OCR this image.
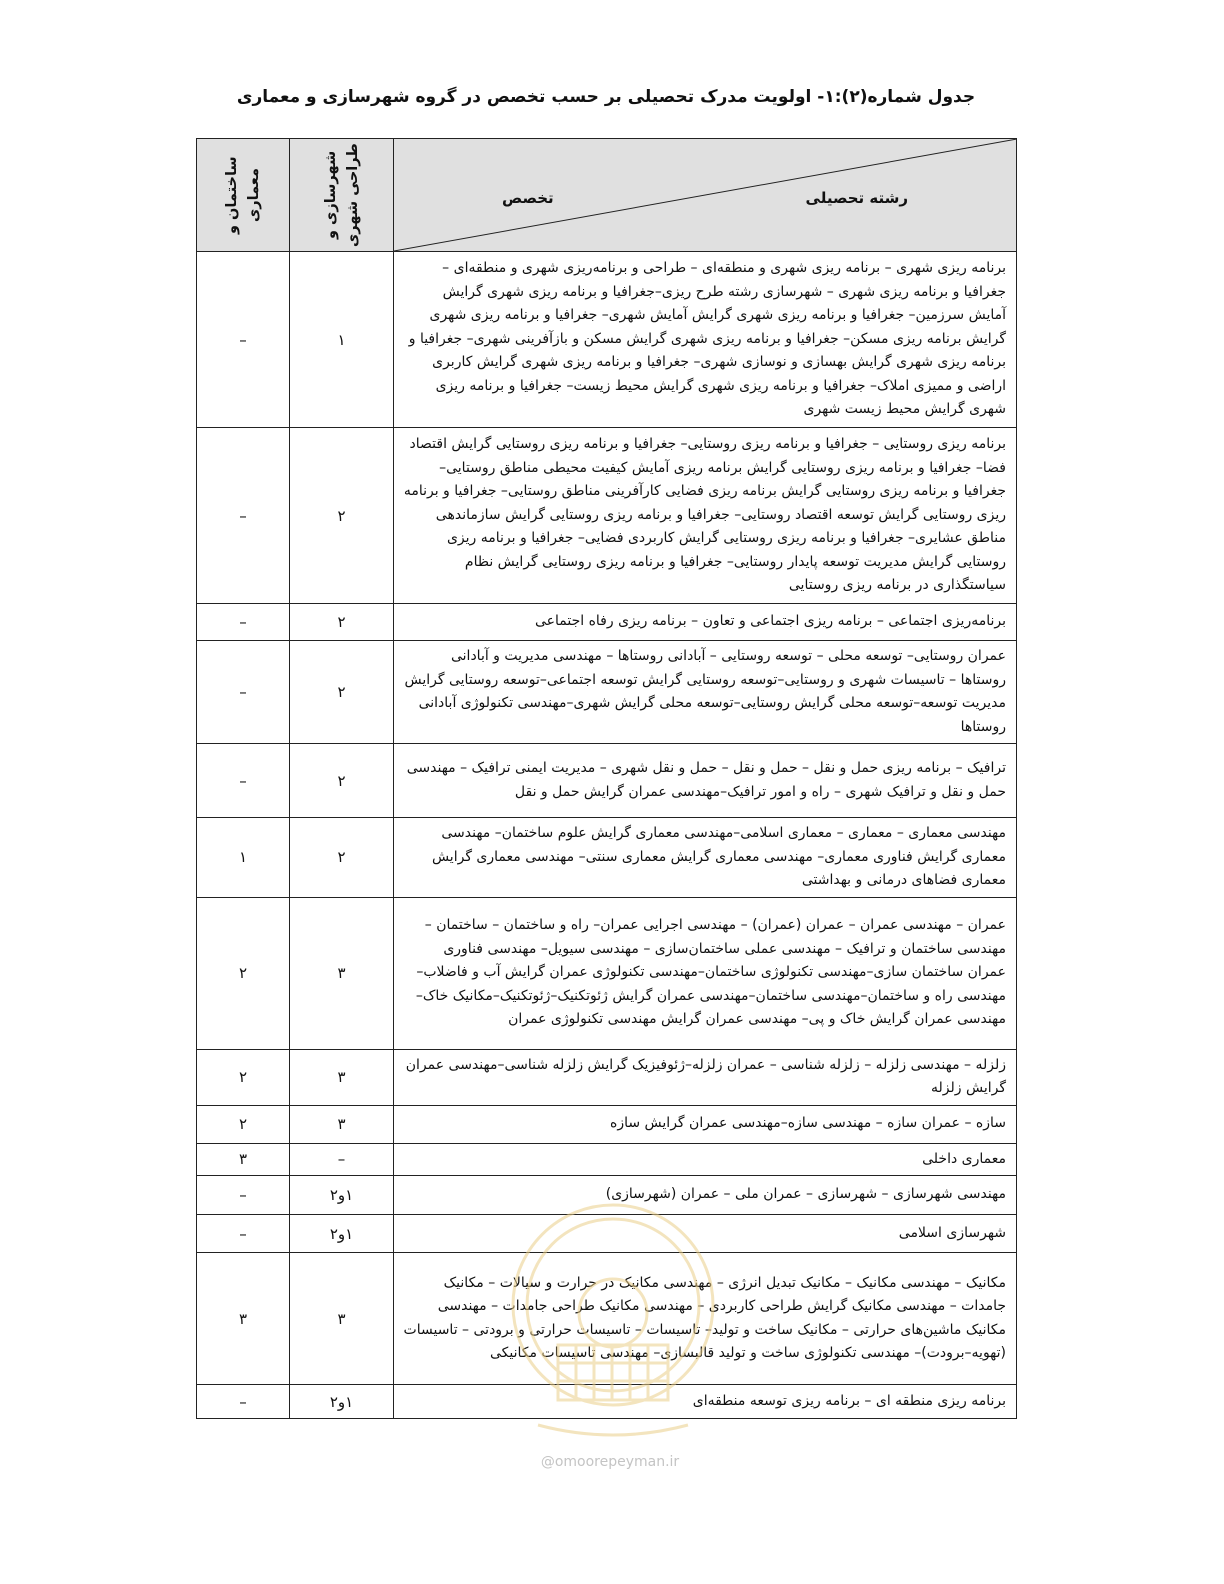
جدول شماره(۲):۱- اولویت مدرک تحصیلی بر حسب تخصص در گروه شهرسازی و معماری
ساختمان و معماری	شهرسازی و طراحی شهری	رشته تحصیلی
تخصص

–	۱	برنامه ریزی شهری – برنامه ریزی شهری و منطقه‌ای – طراحی و برنامه‌ریزی شهری و منطقه‌ای – جغرافیا و برنامه ریزی شهری – شهرسازی رشته طرح ریزی–جغرافیا و برنامه ریزی شهری گرایش آمایش سرزمین– جغرافیا و برنامه ریزی شهری گرایش آمایش شهری– جغرافیا و برنامه ریزی شهری گرایش برنامه ریزی مسکن– جغرافیا و برنامه ریزی شهری گرایش مسکن و بازآفرینی شهری– جغرافیا و برنامه ریزی شهری گرایش بهسازی و نوسازی شهری– جغرافیا و برنامه ریزی شهری گرایش کاربری اراضی و ممیزی املاک– جغرافیا و برنامه ریزی شهری گرایش محیط زیست– جغرافیا و برنامه ریزی شهری گرایش محیط زیست شهری
–	۲	برنامه ریزی روستایی – جغرافیا و برنامه ریزی روستایی– جغرافیا و برنامه ریزی روستایی گرایش اقتصاد فضا– جغرافیا و برنامه ریزی روستایی گرایش برنامه ریزی آمایش کیفیت محیطی مناطق روستایی– جغرافیا و برنامه ریزی روستایی گرایش برنامه ریزی فضایی کارآفرینی مناطق روستایی– جغرافیا و برنامه ریزی روستایی گرایش توسعه اقتصاد روستایی– جغرافیا و برنامه ریزی روستایی گرایش سازماندهی مناطق عشایری– جغرافیا و برنامه ریزی روستایی گرایش کاربردی فضایی– جغرافیا و برنامه ریزی روستایی گرایش مدیریت توسعه پایدار روستایی– جغرافیا و برنامه ریزی روستایی گرایش نظام سیاستگذاری در برنامه ریزی روستایی
–	۲	برنامه‌ریزی اجتماعی – برنامه ریزی اجتماعی و تعاون – برنامه ریزی رفاه اجتماعی
–	۲	عمران روستایی– توسعه محلی – توسعه روستایی – آبادانی روستاها – مهندسی مدیریت و آبادانی روستاها – تاسیسات شهری و روستایی–توسعه روستایی گرایش توسعه اجتماعی–توسعه روستایی گرایش مدیریت توسعه–توسعه محلی گرایش روستایی–توسعه محلی گرایش شهری–مهندسی تکنولوژی آبادانی روستاها
–	۲	ترافیک – برنامه ریزی حمل و نقل – حمل و نقل – حمل و نقل شهری – مدیریت ایمنی ترافیک – مهندسی حمل و نقل و ترافیک شهری – راه و امور ترافیک–مهندسی عمران گرایش حمل و نقل
۱	۲	مهندسی معماری – معماری – معماری اسلامی–مهندسی معماری گرایش علوم ساختمان– مهندسی معماری گرایش فناوری معماری– مهندسی معماری گرایش معماری سنتی– مهندسی معماری گرایش معماری فضاهای درمانی و بهداشتی
۲	۳	عمران – مهندسی عمران – عمران (عمران) – مهندسی اجرایی عمران– راه و ساختمان – ساختمان – مهندسی ساختمان و ترافیک – مهندسی عملی ساختمان‌سازی – مهندسی سیویل– مهندسی فناوری عمران ساختمان سازی–مهندسی تکنولوژی ساختمان–مهندسی تکنولوژی عمران گرایش آب و فاضلاب–مهندسی راه و ساختمان–مهندسی ساختمان–مهندسی عمران گرایش ژئوتکنیک–ژئوتکنیک–مکانیک خاک–مهندسی عمران گرایش خاک و پی– مهندسی عمران گرایش مهندسی تکنولوژی عمران
۲	۳	زلزله – مهندسی زلزله – زلزله شناسی – عمران زلزله–ژئوفیزیک گرایش زلزله شناسی–مهندسی عمران گرایش زلزله
۲	۳	سازه – عمران سازه – مهندسی سازه–مهندسی عمران گرایش سازه
۳	–	معماری داخلی
–	۱و۲	مهندسی شهرسازی – شهرسازی – عمران ملی – عمران (شهرسازی)
–	۱و۲	شهرسازی اسلامی
۳	۳	مکانیک – مهندسی مکانیک – مکانیک تبدیل انرژی – مهندسی مکانیک در حرارت و سیالات – مکانیک جامدات – مهندسی مکانیک گرایش طراحی کاربردی – مهندسی مکانیک طراحی جامدات – مهندسی مکانیک ماشین‌های حرارتی – مکانیک ساخت و تولید– تاسیسات – تاسیسات حرارتی و برودتی – تاسیسات (تهویه–برودت)– مهندسی تکنولوژی ساخت و تولید قالبسازی– مهندسی تاسیسات مکانیکی
–	۱و۲	برنامه ریزی منطقه ای – برنامه ریزی توسعه منطقه‌ای
@omoorepeyman.ir
